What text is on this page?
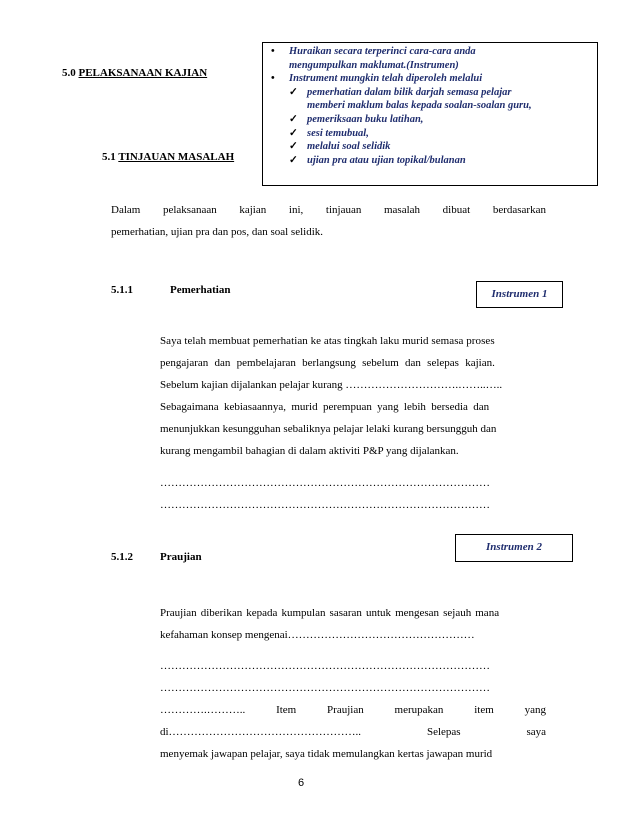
5.0 PELAKSANAAN KAJIAN
• Huraikan secara terperinci cara-cara anda
mengumpulkan maklumat.(Instrumen)
• Instrument mungkin telah diperoleh melalui
✓ pemerhatian dalam bilik darjah semasa pelajar
memberi maklum balas kepada soalan-soalan guru,
✓ pemeriksaan buku latihan,
✓ sesi temubual,
✓ melalui soal selidik
✓ ujian pra atau ujian topikal/bulanan
5.1 TINJAUAN MASALAH
Dalam pelaksanaan kajian ini, tinjauan masalah dibuat berdasarkan
pemerhatian, ujian pra dan pos, dan soal selidik.
5.1.1	Pemerhatian	Instrumen 1
Saya telah membuat pemerhatian ke atas tingkah laku murid semasa proses
pengajaran dan pembelajaran berlangsung sebelum dan selepas kajian.
Sebelum kajian dijalankan pelajar kurang ………………………….……..…..
Sebagaimana kebiasaannya, murid perempuan yang lebih bersedia dan
menunjukkan kesungguhan sebaliknya pelajar lelaki kurang bersungguh dan
kurang mengambil bahagian di dalam aktiviti P&P yang dijalankan.
………………………………………………………………………………
………………………………………………………………………………
Instrumen 2
5.1.2 Praujian
Praujian diberikan kepada kumpulan sasaran untuk mengesan sejauh mana
kefahaman konsep mengenai……………………………………………
………………………………………………………………………………
………………………………………………………………………………
………….………..	Item	Praujian	merupakan	item	yang
di……………………………………………..	Selepas	saya
menyemak jawapan pelajar, saya tidak memulangkan kertas jawapan murid
6
